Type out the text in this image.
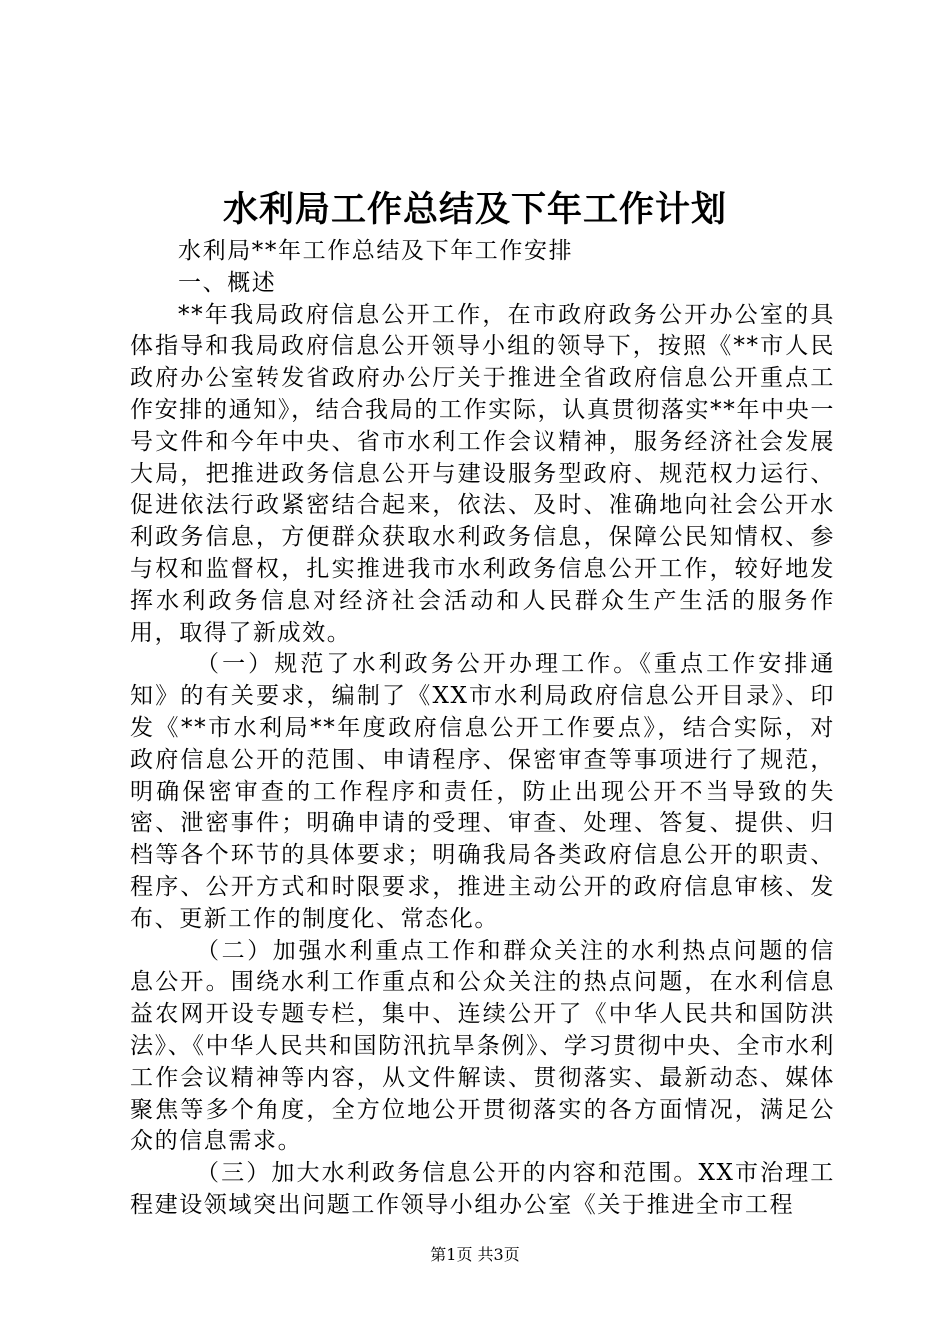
水利局工作总结及下年工作计划

水利局**年工作总结及下年工作安排

一、概述

**年我局政府信息公开工作，在市政府政务公开办公室的具体指导和我局政府信息公开领导小组的领导下，按照《**市人民政府办公室转发省政府办公厅关于推进全省政府信息公开重点工作安排的通知》，结合我局的工作实际，认真贯彻落实**年中央一号文件和今年中央、省市水利工作会议精神，服务经济社会发展大局，把推进政务信息公开与建设服务型政府、规范权力运行、促进依法行政紧密结合起来，依法、及时、准确地向社会公开水利政务信息，方便群众获取水利政务信息，保障公民知情权、参与权和监督权，扎实推进我市水利政务信息公开工作，较好地发挥水利政务信息对经济社会活动和人民群众生产生活的服务作用，取得了新成效。

（一）规范了水利政务公开办理工作。《重点工作安排通知》的有关要求，编制了《XX市水利局政府信息公开目录》、印发《**市水利局**年度政府信息公开工作要点》，结合实际，对政府信息公开的范围、申请程序、保密审查等事项进行了规范，明确保密审查的工作程序和责任，防止出现公开不当导致的失密、泄密事件；明确申请的受理、审查、处理、答复、提供、归档等各个环节的具体要求；明确我局各类政府信息公开的职责、程序、公开方式和时限要求，推进主动公开的政府信息审核、发布、更新工作的制度化、常态化。

（二）加强水利重点工作和群众关注的水利热点问题的信息公开。围绕水利工作重点和公众关注的热点问题，在水利信息益农网开设专题专栏，集中、连续公开了《中华人民共和国防洪法》、《中华人民共和国防汛抗旱条例》、学习贯彻中央、全市水利工作会议精神等内容，从文件解读、贯彻落实、最新动态、媒体聚焦等多个角度，全方位地公开贯彻落实的各方面情况，满足公众的信息需求。

（三）加大水利政务信息公开的内容和范围。XX市治理工程建设领域突出问题工作领导小组办公室《关于推进全市工程

第1页 共3页
